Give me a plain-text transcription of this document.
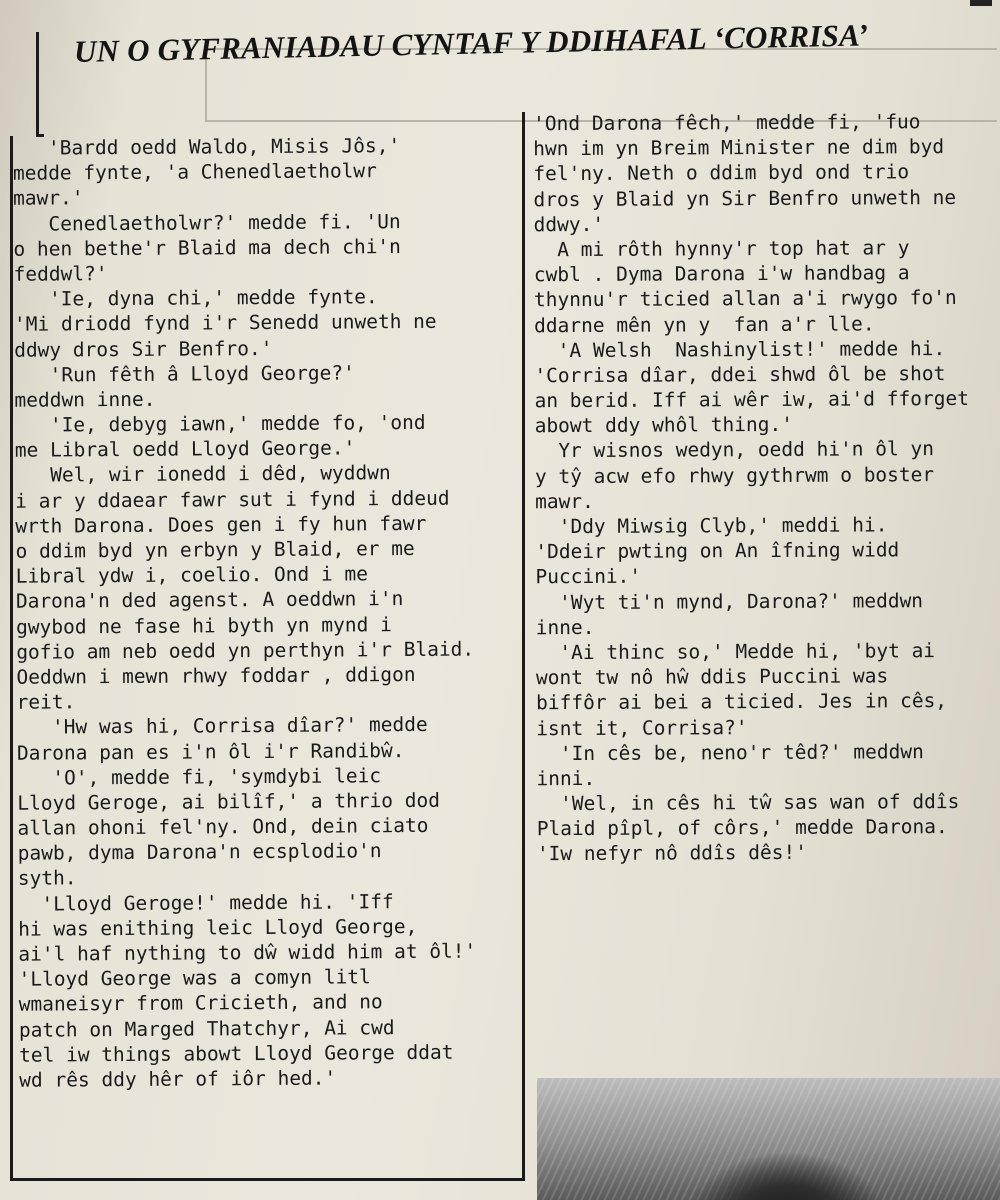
UN O GYFRANIADAU CYNTAF Y DDIHAFAL ‘CORRISA’
'Bardd oedd Waldo, Misis Jôs,'
medde fynte, 'a Chenedlaetholwr
mawr.'
Cenedlaetholwr?' medde fi. 'Un
o hen bethe'r Blaid ma dech chi'n
feddwl?'
'Ie, dyna chi,' medde fynte.
'Mi driodd fynd i'r Senedd unweth ne
ddwy dros Sir Benfro.'
'Run fêth â Lloyd George?'
meddwn inne.
'Ie, debyg iawn,' medde fo, 'ond
me Libral oedd Lloyd George.'
Wel, wir ionedd i dêd, wyddwn
i ar y ddaear fawr sut i fynd i ddeud
wrth Darona. Does gen i fy hun fawr
o ddim byd yn erbyn y Blaid, er me
Libral ydw i, coelio. Ond i me
Darona'n ded agenst. A oeddwn i'n
gwybod ne fase hi byth yn mynd i
gofio am neb oedd yn perthyn i'r Blaid.
Oeddwn i mewn rhwy foddar , ddigon
reit.
'Hw was hi, Corrisa dîar?' medde
Darona pan es i'n ôl i'r Randibŵ.
'O', medde fi, 'symdybi leic
Lloyd Geroge, ai bilîf,' a thrio dod
allan ohoni fel'ny. Ond, dein ciato
pawb, dyma Darona'n ecsplodio'n
syth.
'Lloyd Geroge!' medde hi. 'Iff
hi was enithing leic Lloyd George,
ai'l haf nything to dŵ widd him at ôl!'
'Lloyd George was a comyn litl
wmaneisyr from Cricieth, and no
patch on Marged Thatchyr, Ai cwd
tel iw things abowt Lloyd George ddat
wd rês ddy hêr of iôr hed.'
'Ond Darona fêch,' medde fi, 'fuo
hwn im yn Breim Minister ne dim byd
fel'ny. Neth o ddim byd ond trio
dros y Blaid yn Sir Benfro unweth ne
ddwy.'
A mi rôth hynny'r top hat ar y
cwbl . Dyma Darona i'w handbag a
thynnu'r ticied allan a'i rwygo fo'n
ddarne mên yn y  fan a'r lle.
'A Welsh  Nashinylist!' medde hi.
'Corrisa dîar, ddei shwd ôl be shot
an berid. Iff ai wêr iw, ai'd fforget
abowt ddy whôl thing.'
Yr wisnos wedyn, oedd hi'n ôl yn
y tŷ acw efo rhwy gythrwm o boster
mawr.
'Ddy Miwsig Clyb,' meddi hi.
'Ddeir pwting on An îfning widd
Puccini.'
'Wyt ti'n mynd, Darona?' meddwn
inne.
'Ai thinc so,' Medde hi, 'byt ai
wont tw nô hŵ ddis Puccini was
biffôr ai bei a ticied. Jes in cês,
isnt it, Corrisa?'
'In cês be, neno'r têd?' meddwn
inni.
'Wel, in cês hi tŵ sas wan of ddîs
Plaid pîpl, of côrs,' medde Darona.
'Iw nefyr nô ddîs dês!'
